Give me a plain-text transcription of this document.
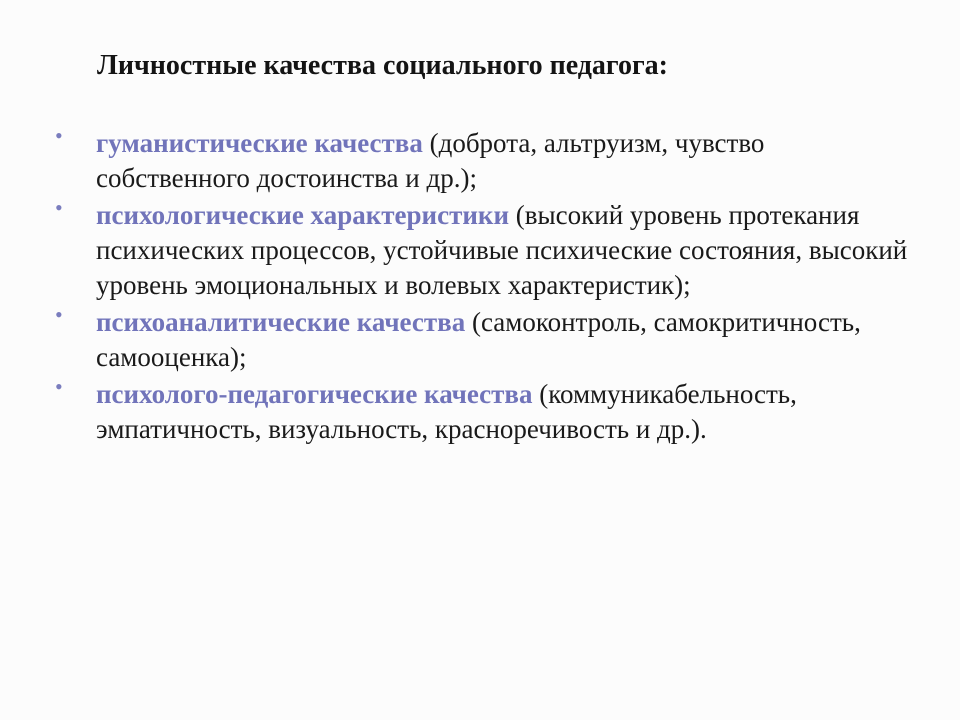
Личностные качества социального педагога:
• гуманистические качества (доброта, альтруизм, чувство собственного достоинства и др.);
• психологические характеристики (высокий уровень протекания психических процессов, устойчивые психические состояния, высокий уровень эмоциональных и волевых характеристик);
• психоаналитические качества (самоконтроль, самокритичность, самооценка);
• психолого-педагогические качества (коммуникабельность, эмпатичность, визуальность, красноречивость и др.).
